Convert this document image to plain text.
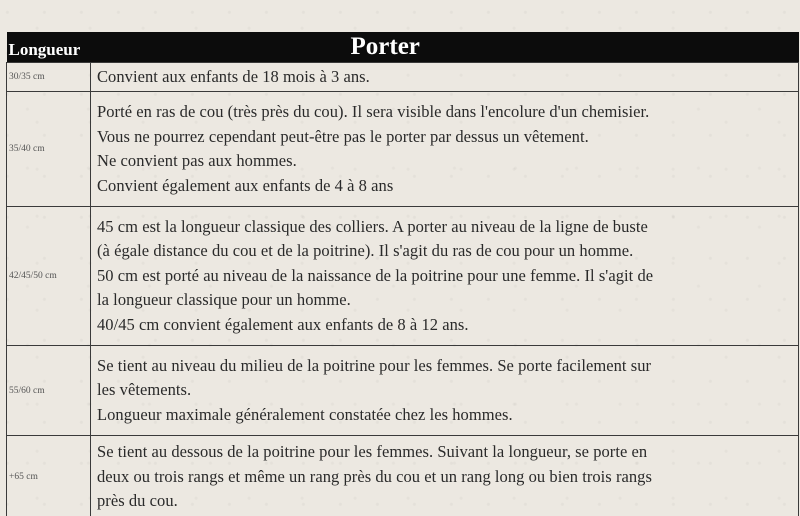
Longueur	Porter
30/35 cm	Convient aux enfants de 18 mois à 3 ans.

35/40 cm	Porté en ras de cou (très près du cou). Il sera visible dans l'encolure d'un chemisier.
Vous ne pourrez cependant peut-être pas le porter par dessus un vêtement.
Ne convient pas aux hommes.
Convient également aux enfants de 4 à 8 ans

42/45/50 cm	45 cm est la longueur classique des colliers. A porter au niveau de la ligne de buste
(à égale distance du cou et de la poitrine). Il s'agit du ras de cou pour un homme.
50 cm est porté au niveau de la naissance de la poitrine pour une femme. Il s'agit de
la longueur classique pour un homme.
40/45 cm convient également aux enfants de 8 à 12 ans.

55/60 cm	Se tient au niveau du milieu de la poitrine pour les femmes. Se porte facilement sur
les vêtements.
Longueur maximale généralement constatée chez les hommes.

+65 cm	Se tient au dessous de la poitrine pour les femmes. Suivant la longueur, se porte en
deux ou trois rangs et même un rang près du cou et un rang long ou bien trois rangs
près du cou.
